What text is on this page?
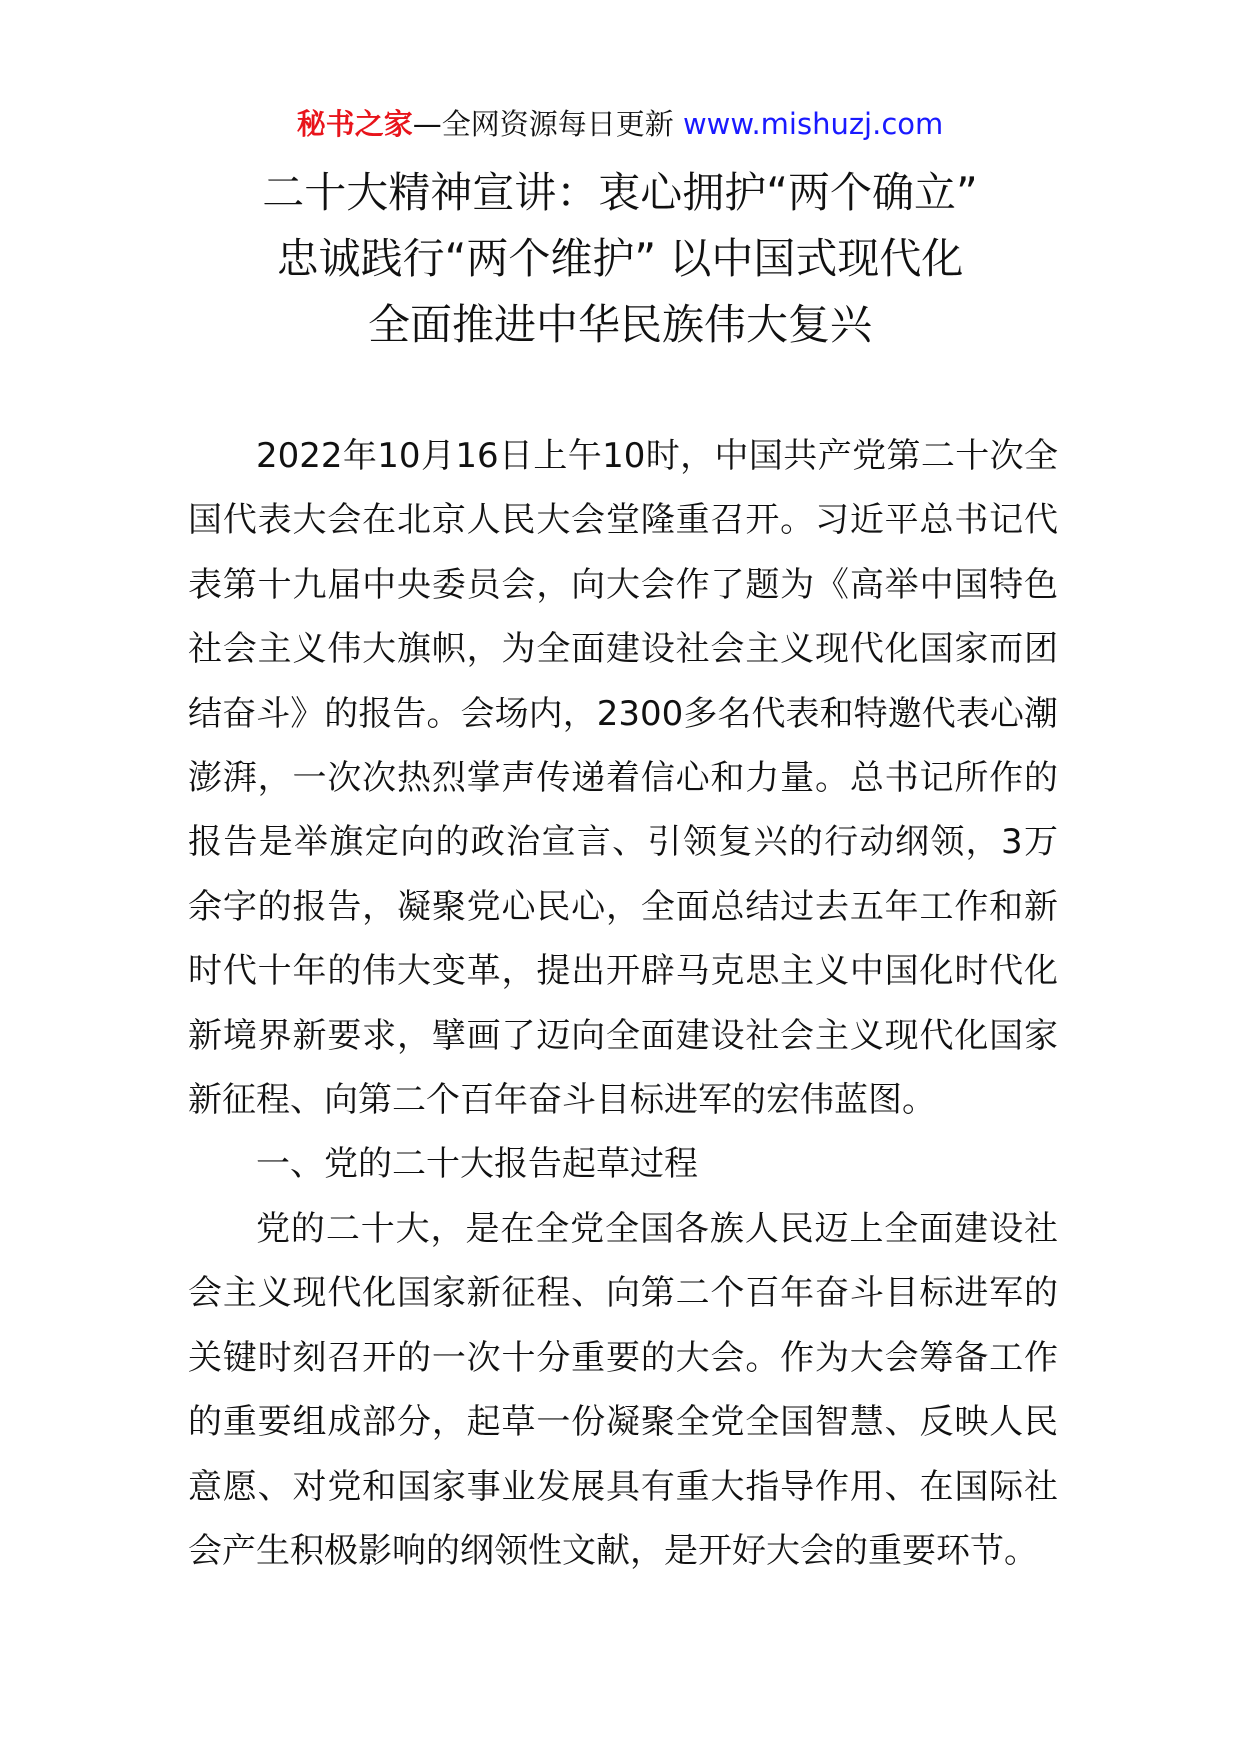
秘书之家—全网资源每日更新 www.mishuzj.com
二十大精神宣讲：衷心拥护“两个确立”
忠诚践行“两个维护” 以中国式现代化
全面推进中华民族伟大复兴

2022年10月16日上午10时，中国共产党第二十次全国代表大会在北京人民大会堂隆重召开。习近平总书记代表第十九届中央委员会，向大会作了题为《高举中国特色社会主义伟大旗帜，为全面建设社会主义现代化国家而团结奋斗》的报告。会场内，2300多名代表和特邀代表心潮澎湃，一次次热烈掌声传递着信心和力量。总书记所作的报告是举旗定向的政治宣言、引领复兴的行动纲领，3万余字的报告，凝聚党心民心，全面总结过去五年工作和新时代十年的伟大变革，提出开辟马克思主义中国化时代化新境界新要求，擘画了迈向全面建设社会主义现代化国家新征程、向第二个百年奋斗目标进军的宏伟蓝图。

一、党的二十大报告起草过程

党的二十大，是在全党全国各族人民迈上全面建设社会主义现代化国家新征程、向第二个百年奋斗目标进军的关键时刻召开的一次十分重要的大会。作为大会筹备工作的重要组成部分，起草一份凝聚全党全国智慧、反映人民意愿、对党和国家事业发展具有重大指导作用、在国际社会产生积极影响的纲领性文献，是开好大会的重要环节。
